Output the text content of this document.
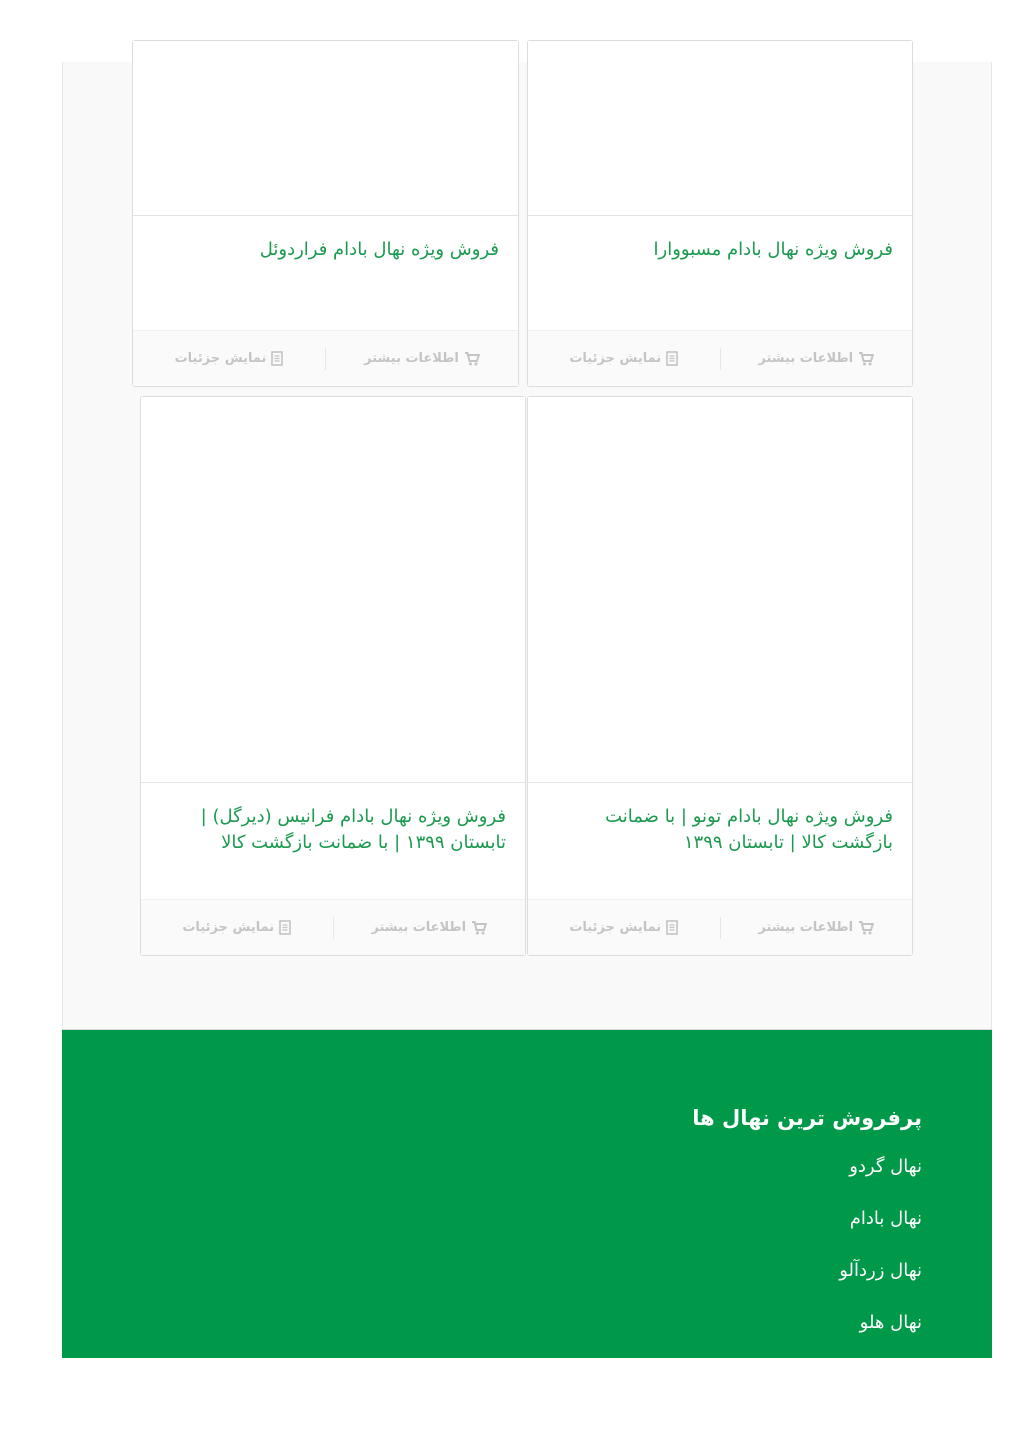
فروش ویژه نهال بادام مسبووارا
اطلاعات بیشتر
نمایش جزئیات
فروش ویژه نهال بادام فراردوئل
اطلاعات بیشتر
نمایش جزئیات
فروش ویژه نهال بادام تونو | با ضمانت بازگشت کالا | تابستان ۱۳۹۹
اطلاعات بیشتر
نمایش جزئیات
فروش ویژه نهال بادام فرانیس (دیرگل) | تابستان ۱۳۹۹ | با ضمانت بازگشت کالا
اطلاعات بیشتر
نمایش جزئیات
پرفروش ترین نهال ها
نهال گردو
نهال بادام
نهال زردآلو
نهال هلو
